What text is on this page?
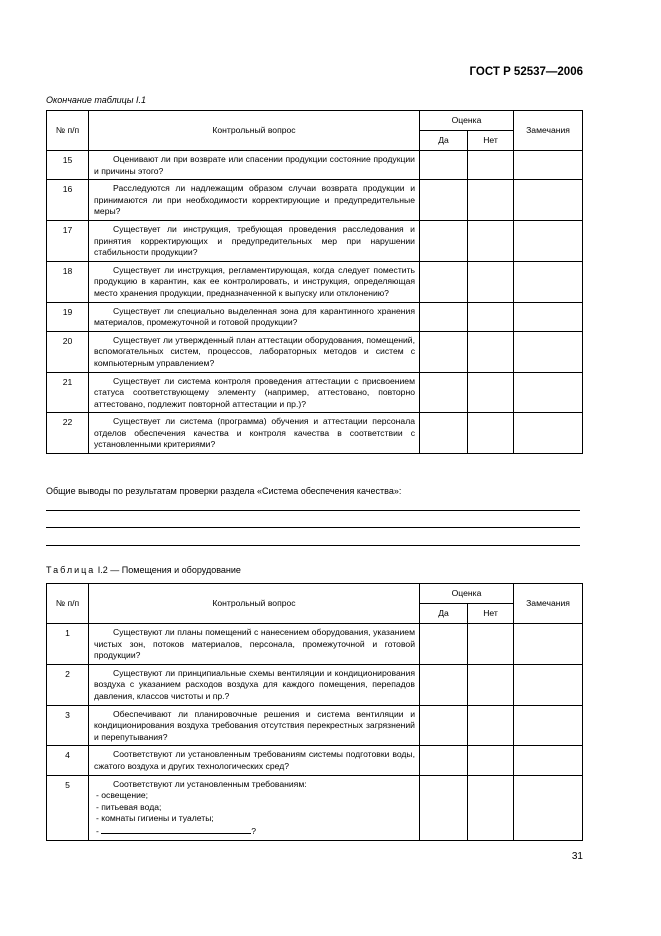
ГОСТ Р 52537—2006
Окончание таблицы I.1
№ п/п	Контрольный вопрос	Оценка		Замечания
		Да	Нет	
15	Оценивают ли при возврате или спасении продукции состояние продукции и причины этого?			

16	Расследуются ли надлежащим образом случаи возврата продукции и принимаются ли при необходимости корректирующие и предупредительные меры?			

17	Существует ли инструкция, требующая проведения расследования и принятия корректирующих и предупредительных мер при нарушении стабильности продукции?			

18	Существует ли инструкция, регламентирующая, когда следует поместить продукцию в карантин, как ее контролировать, и инструкция, определяющая место хранения продукции, предназначенной к выпуску или отклонению?			

19	Существует ли специально выделенная зона для карантинного хранения материалов, промежуточной и готовой продукции?			

20	Существует ли утвержденный план аттестации оборудования, помещений, вспомогательных систем, процессов, лабораторных методов и систем с компьютерным управлением?			

21	Существует ли система контроля проведения аттестации с присвоением статуса соответствующему элементу (например, аттестовано, повторно аттестовано, подлежит повторной аттестации и пр.)?			

22	Существует ли система (программа) обучения и аттестации персонала отделов обеспечения качества и контроля качества в соответствии с установленными критериями?			

Общие выводы по результатам проверки раздела «Система обеспечения качества»:
Таблица I.2 — Помещения и оборудование
№ п/п	Контрольный вопрос	Оценка		Замечания
		Да	Нет	
1	Существуют ли планы помещений с нанесением оборудования, указанием чистых зон, потоков материалов, персонала, промежуточной и готовой продукции?			

2	Существуют ли принципиальные схемы вентиляции и кондиционирования воздуха с указанием расходов воздуха для каждого помещения, перепадов давления, классов чистоты и пр.?			

3	Обеспечивают ли планировочные решения и система вентиляции и кондиционирования воздуха требования отсутствия перекрестных загрязнений и перепутывания?			

4	Соответствуют ли установленным требованиям системы подготовки воды, сжатого воздуха и других технологических сред?			

5	Соответствуют ли установленным требованиям:
- освещение;
- питьевая вода;
- комнаты гигиены и туалеты;
- ?			

31
